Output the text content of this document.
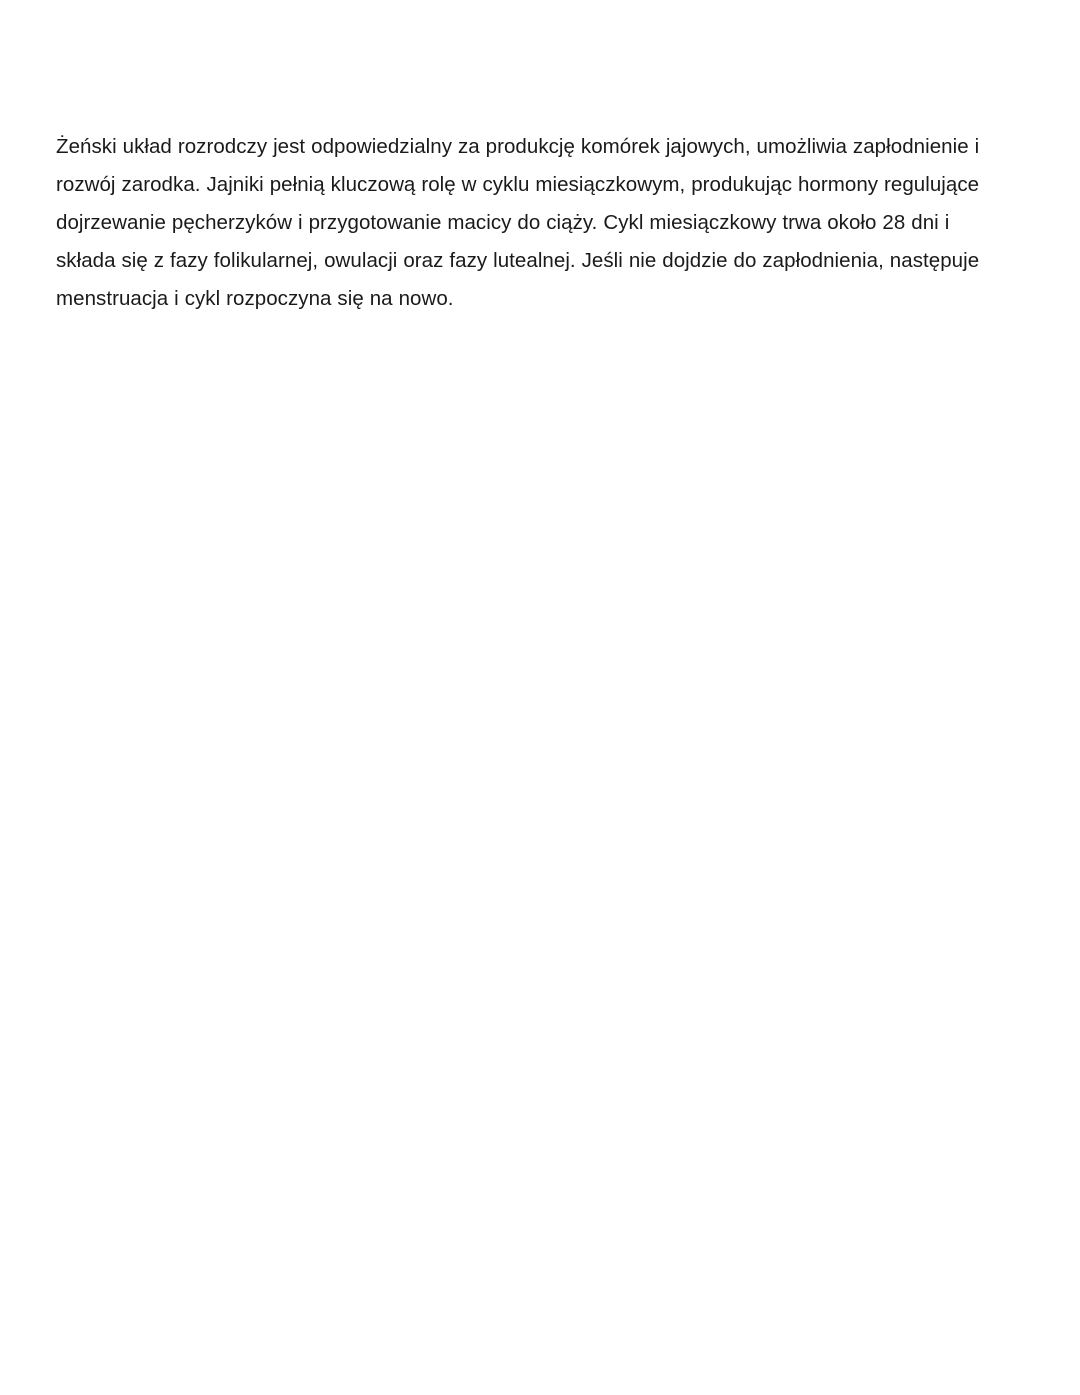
Żeński układ rozrodczy jest odpowiedzialny za produkcję komórek jajowych, umożliwia zapłodnienie i rozwój zarodka. Jajniki pełnią kluczową rolę w cyklu miesiączkowym, produkując hormony regulujące dojrzewanie pęcherzyków i przygotowanie macicy do ciąży. Cykl miesiączkowy trwa około 28 dni i składa się z fazy folikularnej, owulacji oraz fazy lutealnej. Jeśli nie dojdzie do zapłodnienia, następuje menstruacja i cykl rozpoczyna się na nowo.
